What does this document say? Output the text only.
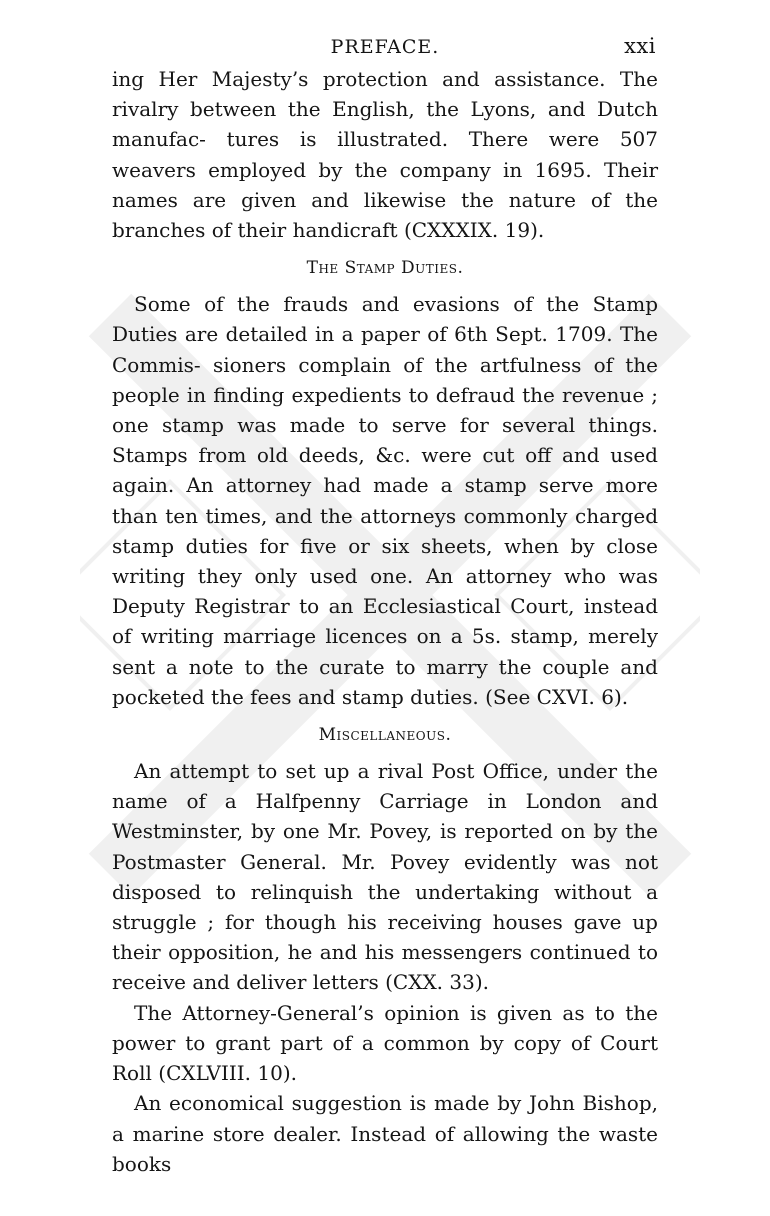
PREFACE.	xxi

ing Her Majesty’s protection and assistance. The rivalry between the English, the Lyons, and Dutch manufac- tures is illustrated. There were 507 weavers employed by the company in 1695. Their names are given and likewise the nature of the branches of their handicraft (CXXXIX. 19).

The Stamp Duties.

Some of the frauds and evasions of the Stamp Duties are detailed in a paper of 6th Sept. 1709. The Commis- sioners complain of the artfulness of the people in finding expedients to defraud the revenue ; one stamp was made to serve for several things. Stamps from old deeds, &c. were cut off and used again. An attorney had made a stamp serve more than ten times, and the attorneys commonly charged stamp duties for five or six sheets, when by close writing they only used one. An attorney who was Deputy Registrar to an Ecclesiastical Court, instead of writing marriage licences on a 5s. stamp, merely sent a note to the curate to marry the couple and pocketed the fees and stamp duties. (See CXVI. 6).

Miscellaneous.

An attempt to set up a rival Post Office, under the name of a Halfpenny Carriage in London and Westminster, by one Mr. Povey, is reported on by the Postmaster General. Mr. Povey evidently was not disposed to relinquish the undertaking without a struggle ; for though his receiving houses gave up their opposition, he and his messengers continued to receive and deliver letters (CXX. 33).

The Attorney-General’s opinion is given as to the power to grant part of a common by copy of Court Roll (CXLVIII. 10).

An economical suggestion is made by John Bishop, a marine store dealer. Instead of allowing the waste books
